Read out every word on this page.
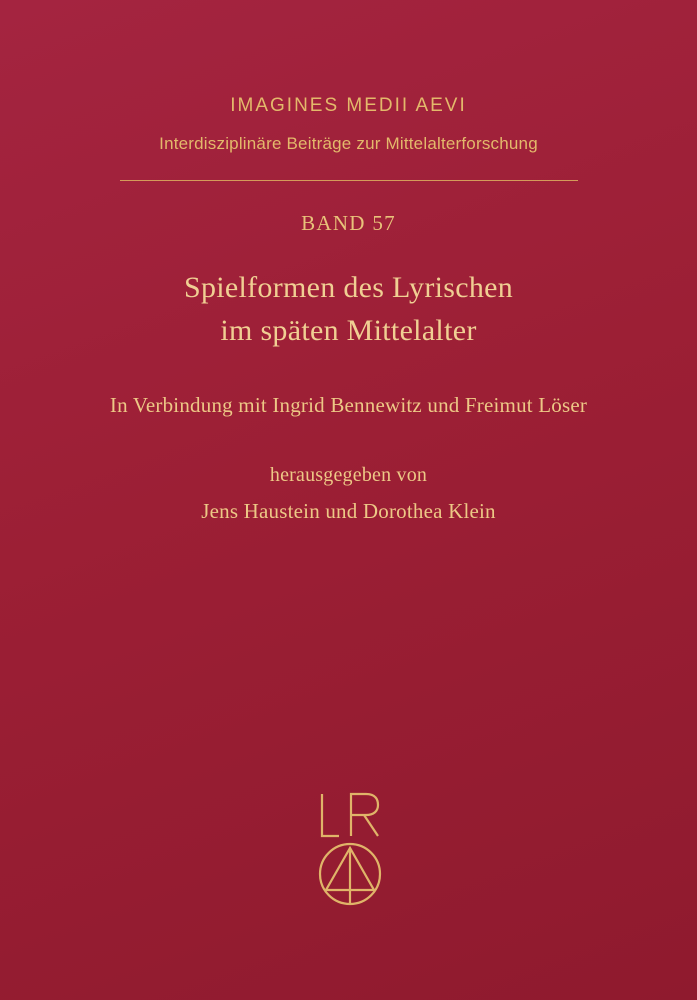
IMAGINES MEDII AEVI
Interdisziplinäre Beiträge zur Mittelalterforschung
BAND 57
Spielformen des Lyrischen
im späten Mittelalter
In Verbindung mit Ingrid Bennewitz und Freimut Löser
herausgegeben von
Jens Haustein und Dorothea Klein
